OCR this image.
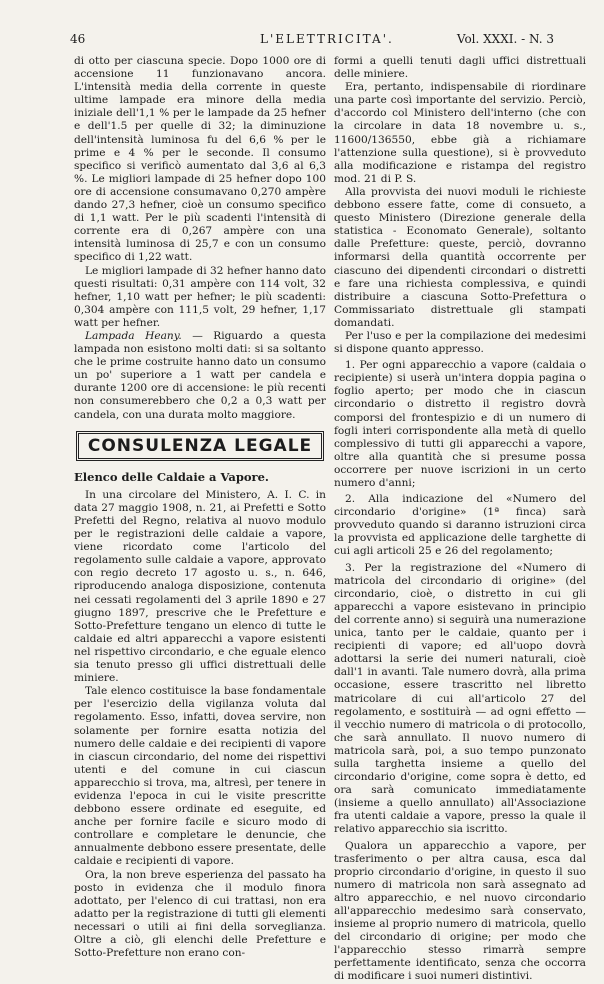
46	L'ELETTRICITA'.	Vol. XXXI. - N. 3

di otto per ciascuna specie. Dopo 1000 ore di accensione 11 funzionavano ancora. L'intensità media della corrente in queste ultime lampade era minore della media iniziale dell'1,1 % per le lampade da 25 hefner e dell'1.5 per quelle di 32; la diminuzione dell'intensità luminosa fu del 6,6 % per le prime e 4 % per le seconde. Il consumo specifico si verificò aumentato dal 3,6 al 6,3 %. Le migliori lampade di 25 hefner dopo 100 ore di accensione consumavano 0,270 ampère dando 27,3 hefner, cioè un consumo specifico di 1,1 watt. Per le più scadenti l'intensità di corrente era di 0,267 ampère con una intensità luminosa di 25,7 e con un consumo specifico di 1,22 watt.

Le migliori lampade di 32 hefner hanno dato questi risultati: 0,31 ampère con 114 volt, 32 hefner, 1,10 watt per hefner; le più scadenti: 0,304 ampère con 111,5 volt, 29 hefner, 1,17 watt per hefner.

Lampada Heany. — Riguardo a questa lampada non esistono molti dati: si sa soltanto che le prime costruite hanno dato un consumo un po' superiore a 1 watt per candela e durante 1200 ore di accensione: le più recenti non consumerebbero che 0,2 a 0,3 watt per candela, con una durata molto maggiore.

CONSULENZA LEGALE

Elenco delle Caldaie a Vapore.

In una circolare del Ministero, A. I. C. in data 27 maggio 1908, n. 21, ai Prefetti e Sotto Prefetti del Regno, relativa al nuovo modulo per le registrazioni delle caldaie a vapore, viene ricordato come l'articolo del regolamento sulle caldaie a vapore, approvato con regio decreto 17 agosto u. s., n. 646, riproducendo analoga disposizione, contenuta nei cessati regolamenti del 3 aprile 1890 e 27 giugno 1897, prescrive che le Prefetture e Sotto-Prefetture tengano un elenco di tutte le caldaie ed altri apparecchi a vapore esistenti nel rispettivo circondario, e che eguale elenco sia tenuto presso gli uffici distrettuali delle miniere.

Tale elenco costituisce la base fondamentale per l'esercizio della vigilanza voluta dal regolamento. Esso, infatti, dovea servire, non solamente per fornire esatta notizia del numero delle caldaie e dei recipienti di vapore in ciascun circondario, del nome dei rispettivi utenti e del comune in cui ciascun apparecchio si trova, ma, altresì, per tenere in evidenza l'epoca in cui le visite prescritte debbono essere ordinate ed eseguite, ed anche per fornire facile e sicuro modo di controllare e completare le denuncie, che annualmente debbono essere presentate, delle caldaie e recipienti di vapore.

Ora, la non breve esperienza del passato ha posto in evidenza che il modulo finora adottato, per l'elenco di cui trattasi, non era adatto per la registrazione di tutti gli elementi necessari o utili ai fini della sorveglianza. Oltre a ciò, gli elenchi delle Prefetture e Sotto-Prefetture non erano con-

formi a quelli tenuti dagli uffici distrettuali delle miniere.

Era, pertanto, indispensabile di riordinare una parte così importante del servizio. Perciò, d'accordo col Ministero dell'interno (che con la circolare in data 18 novembre u. s., 11600/136550, ebbe già a richiamare l'attenzione sulla questione), si è provveduto alla modificazione e ristampa del registro mod. 21 di P. S.

Alla provvista dei nuovi moduli le richieste debbono essere fatte, come di consueto, a questo Ministero (Direzione generale della statistica - Economato Generale), soltanto dalle Prefetture: queste, perciò, dovranno informarsi della quantità occorrente per ciascuno dei dipendenti circondari o distretti e fare una richiesta complessiva, e quindi distribuire a ciascuna Sotto-Prefettura o Commissariato distrettuale gli stampati domandati.

Per l'uso e per la compilazione dei medesimi si dispone quanto appresso.

1. Per ogni apparecchio a vapore (caldaia o recipiente) si userà un'intera doppia pagina o foglio aperto; per modo che in ciascun circondario o distretto il registro dovrà comporsi del frontespizio e di un numero di fogli interi corrispondente alla metà di quello complessivo di tutti gli apparecchi a vapore, oltre alla quantità che si presume possa occorrere per nuove iscrizioni in un certo numero d'anni;

2. Alla indicazione del «Numero del circondario d'origine» (1ª finca) sarà provveduto quando si daranno istruzioni circa la provvista ed applicazione delle targhette di cui agli articoli 25 e 26 del regolamento;

3. Per la registrazione del «Numero di matricola del circondario di origine» (del circondario, cioè, o distretto in cui gli apparecchi a vapore esistevano in principio del corrente anno) si seguirà una numerazione unica, tanto per le caldaie, quanto per i recipienti di vapore; ed all'uopo dovrà adottarsi la serie dei numeri naturali, cioè dall'1 in avanti. Tale numero dovrà, alla prima occasione, essere trascritto nel libretto matricolare di cui all'articolo 27 del regolamento, e sostituirà — ad ogni effetto — il vecchio numero di matricola o di protocollo, che sarà annullato. Il nuovo numero di matricola sarà, poi, a suo tempo punzonato sulla targhetta insieme a quello del circondario d'origine, come sopra è detto, ed ora sarà comunicato immediatamente (insieme a quello annullato) all'Associazione fra utenti caldaie a vapore, presso la quale il relativo apparecchio sia iscritto.

Qualora un apparecchio a vapore, per trasferimento o per altra causa, esca dal proprio circondario d'origine, in questo il suo numero di matricola non sarà assegnato ad altro apparecchio, e nel nuovo circondario all'apparecchio medesimo sarà conservato, insieme al proprio numero di matricola, quello del circondario di origine; per modo che l'apparecchio stesso rimarrà sempre perfettamente identificato, senza che occorra di modificare i suoi numeri distintivi.
